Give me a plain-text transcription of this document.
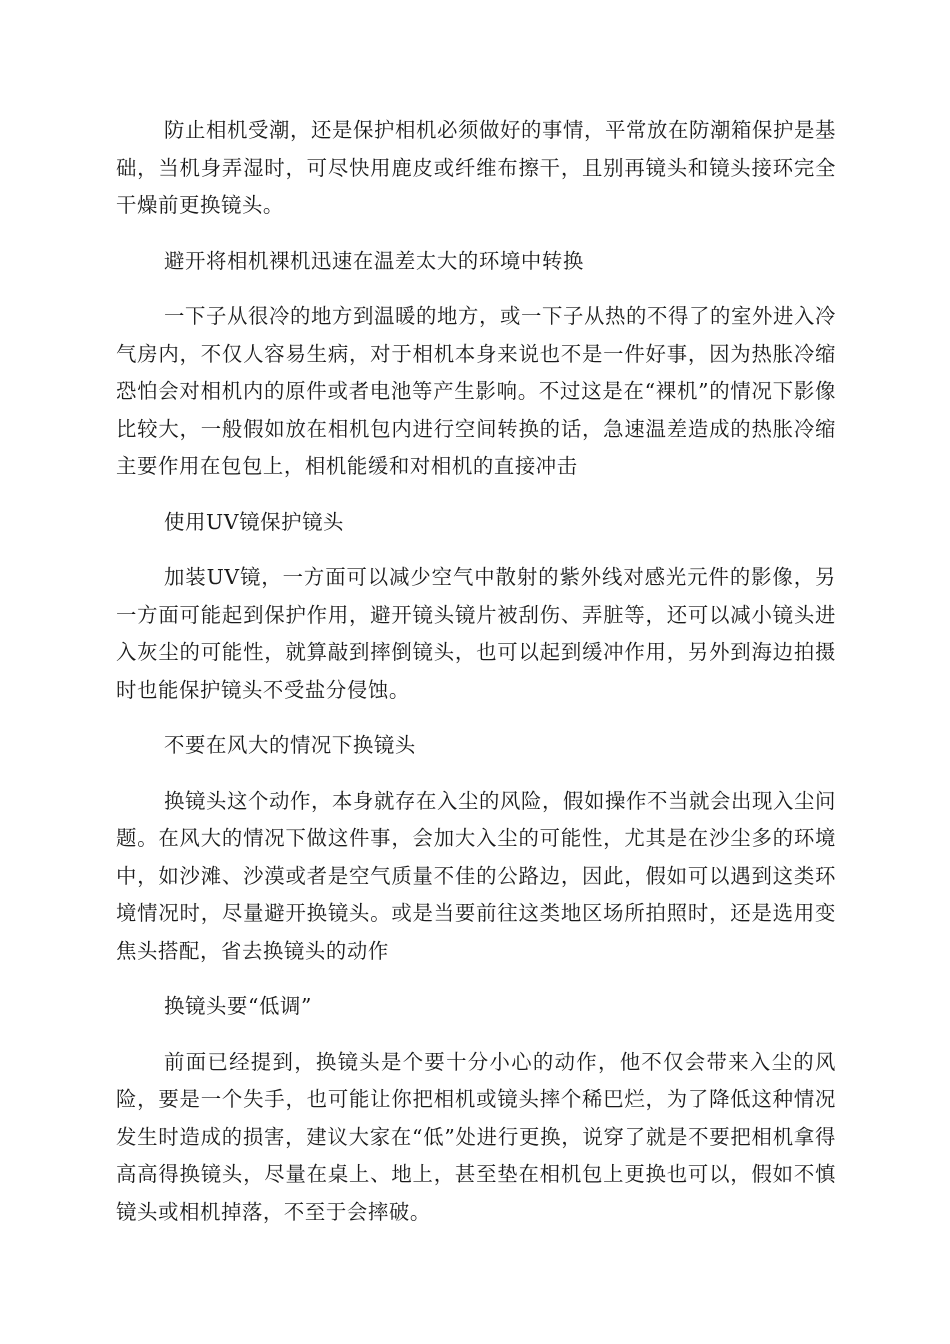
防止相机受潮，还是保护相机必须做好的事情，平常放在防潮箱保护是基础，当机身弄湿时，可尽快用鹿皮或纤维布擦干，且别再镜头和镜头接环完全干燥前更换镜头。

避开将相机裸机迅速在温差太大的环境中转换

一下子从很冷的地方到温暖的地方，或一下子从热的不得了的室外进入冷气房内，不仅人容易生病，对于相机本身来说也不是一件好事，因为热胀冷缩恐怕会对相机内的原件或者电池等产生影响。不过这是在“裸机”的情况下影像比较大，一般假如放在相机包内进行空间转换的话，急速温差造成的热胀冷缩主要作用在包包上，相机能缓和对相机的直接冲击

使用UV镜保护镜头

加装UV镜，一方面可以减少空气中散射的紫外线对感光元件的影像，另一方面可能起到保护作用，避开镜头镜片被刮伤、弄脏等，还可以减小镜头进入灰尘的可能性，就算敲到摔倒镜头，也可以起到缓冲作用，另外到海边拍摄时也能保护镜头不受盐分侵蚀。

不要在风大的情况下换镜头

换镜头这个动作，本身就存在入尘的风险，假如操作不当就会出现入尘问题。在风大的情况下做这件事，会加大入尘的可能性，尤其是在沙尘多的环境中，如沙滩、沙漠或者是空气质量不佳的公路边，因此，假如可以遇到这类环境情况时，尽量避开换镜头。或是当要前往这类地区场所拍照时，还是选用变焦头搭配，省去换镜头的动作

换镜头要“低调”

前面已经提到，换镜头是个要十分小心的动作，他不仅会带来入尘的风险，要是一个失手，也可能让你把相机或镜头摔个稀巴烂，为了降低这种情况发生时造成的损害，建议大家在“低”处进行更换，说穿了就是不要把相机拿得高高得换镜头，尽量在桌上、地上，甚至垫在相机包上更换也可以，假如不慎镜头或相机掉落，不至于会摔破。
